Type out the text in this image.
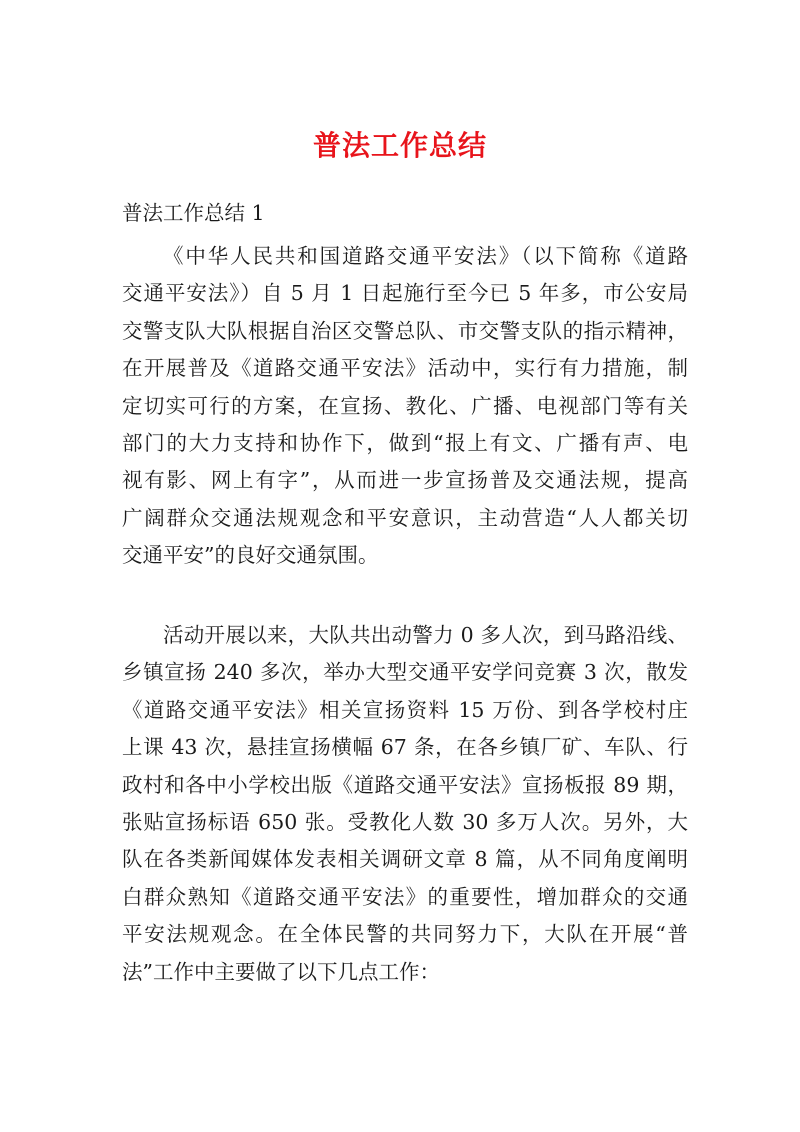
普法工作总结
普法工作总结 1
《中华人民共和国道路交通平安法》（以下简称《道路
交通平安法》）自 5 月 1 日起施行至今已 5 年多，市公安局
交警支队大队根据自治区交警总队、市交警支队的指示精神，
在开展普及《道路交通平安法》活动中，实行有力措施，制
定切实可行的方案，在宣扬、教化、广播、电视部门等有关
部门的大力支持和协作下，做到“报上有文、广播有声、电
视有影、网上有字”，从而进一步宣扬普及交通法规，提高
广阔群众交通法规观念和平安意识，主动营造“人人都关切
交通平安”的良好交通氛围。
活动开展以来，大队共出动警力 0 多人次，到马路沿线、
乡镇宣扬 240 多次，举办大型交通平安学问竞赛 3 次，散发
《道路交通平安法》相关宣扬资料 15 万份、到各学校村庄
上课 43 次，悬挂宣扬横幅 67 条，在各乡镇厂矿、车队、行
政村和各中小学校出版《道路交通平安法》宣扬板报 89 期，
张贴宣扬标语 650 张。受教化人数 30 多万人次。另外，大
队在各类新闻媒体发表相关调研文章 8 篇，从不同角度阐明
白群众熟知《道路交通平安法》的重要性，增加群众的交通
平安法规观念。在全体民警的共同努力下，大队在开展“普
法”工作中主要做了以下几点工作：
